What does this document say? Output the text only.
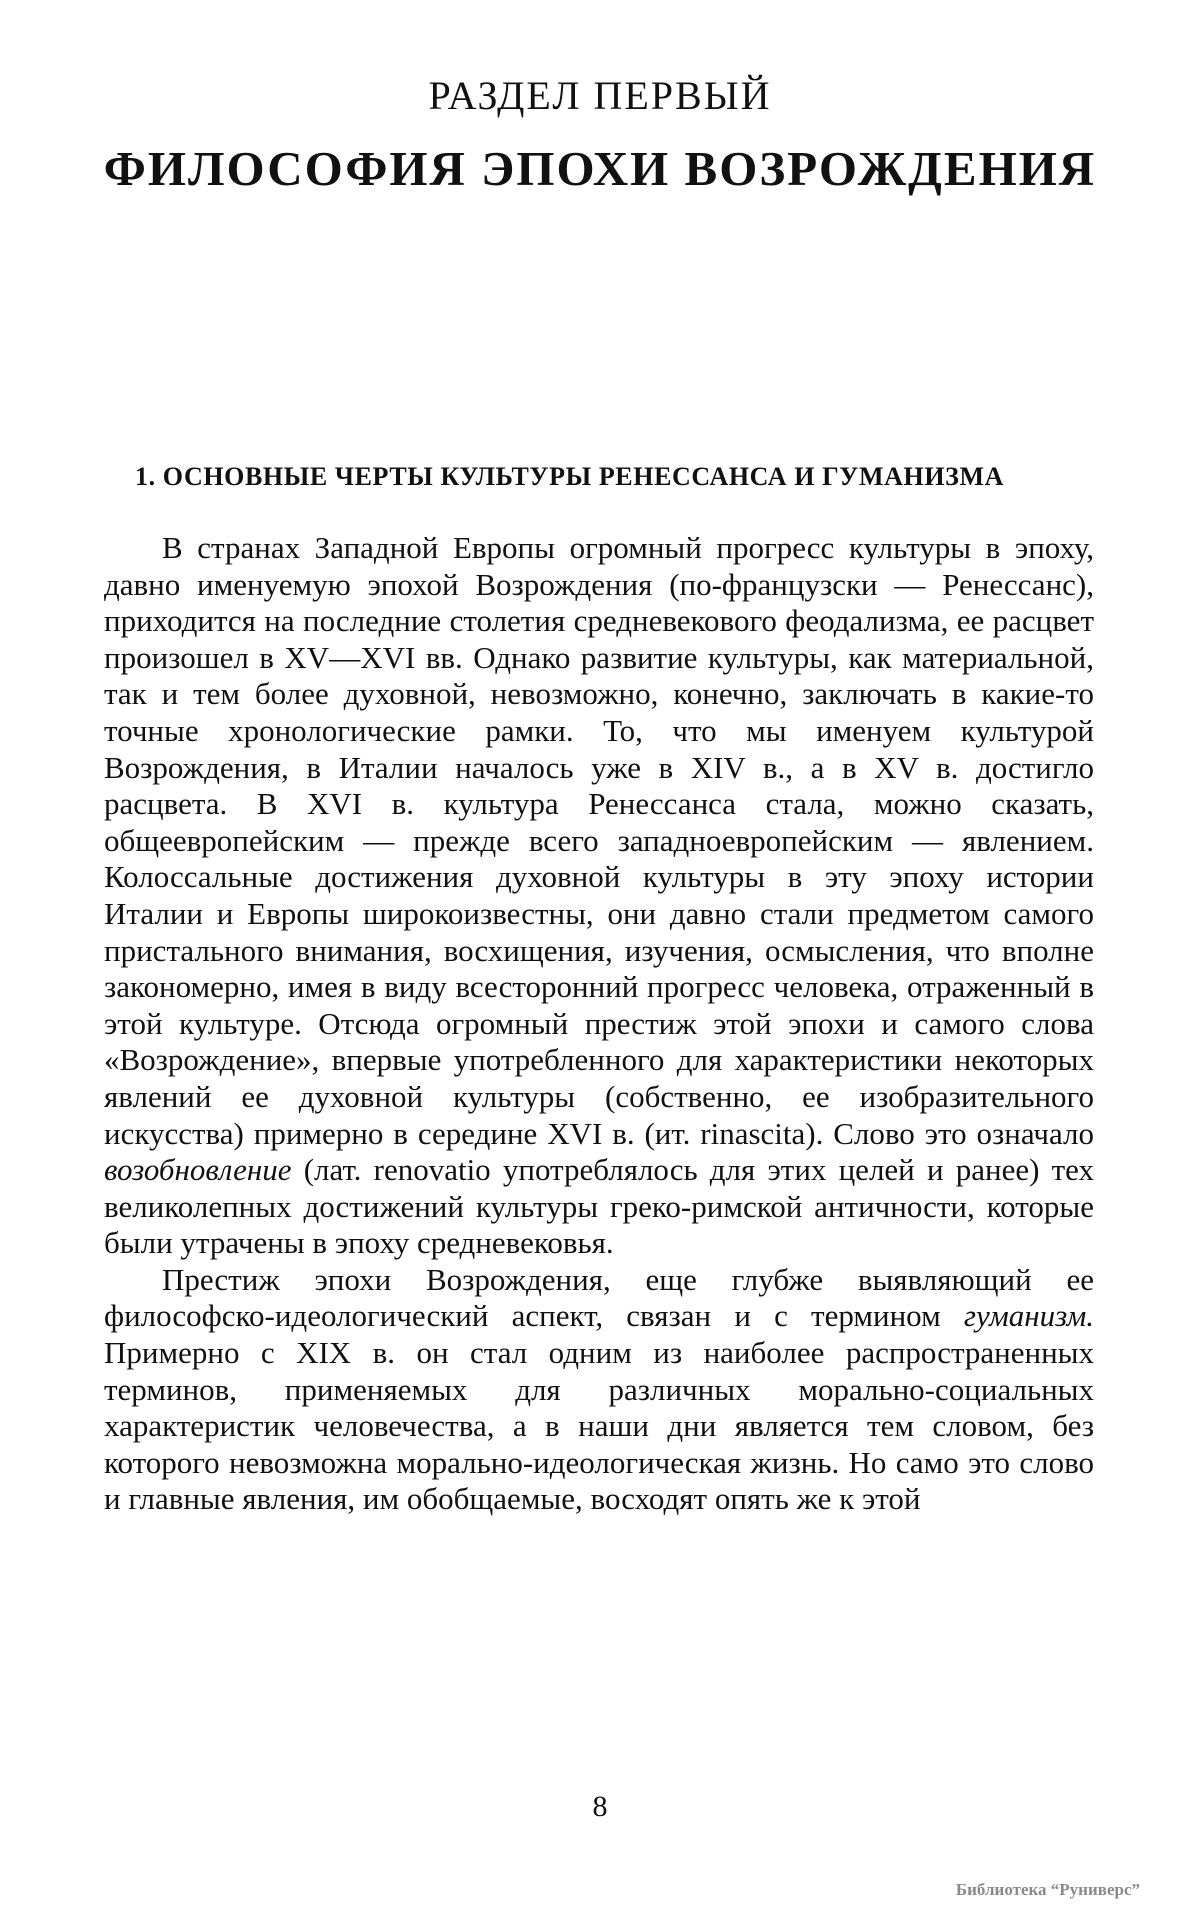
РАЗДЕЛ ПЕРВЫЙ
ФИЛОСОФИЯ ЭПОХИ ВОЗРОЖДЕНИЯ
1. ОСНОВНЫЕ ЧЕРТЫ КУЛЬТУРЫ РЕНЕССАНСА И ГУМАНИЗМА

В странах Западной Европы огромный прогресс культуры в эпоху, давно именуемую эпохой Возрождения (по-французски — Ренессанс), приходится на последние столетия средневекового феодализма, ее расцвет произошел в XV—XVI вв. Однако развитие культуры, как материальной, так и тем более духовной, невозможно, конечно, заключать в какие-то точные хронологические рамки. То, что мы именуем культурой Возрождения, в Италии началось уже в XIV в., а в XV в. достигло расцвета. В XVI в. культура Ренессанса стала, можно сказать, общеевропейским — прежде всего западноевропейским — явлением. Колоссальные достижения духовной культуры в эту эпоху истории Италии и Европы широкоизвестны, они давно стали предметом самого пристального внимания, восхищения, изучения, осмысления, что вполне закономерно, имея в виду всесторонний прогресс человека, отраженный в этой культуре. Отсюда огромный престиж этой эпохи и самого слова «Возрождение», впервые употребленного для характеристики некоторых явлений ее духовной культуры (собственно, ее изобразительного искусства) примерно в середине XVI в. (ит. rinascita). Слово это означало возобновление (лат. renovatio употреблялось для этих целей и ранее) тех великолепных достижений культуры греко-римской античности, которые были утрачены в эпоху средневековья.

Престиж эпохи Возрождения, еще глубже выявляющий ее философско-идеологический аспект, связан и с термином гуманизм. Примерно с XIX в. он стал одним из наиболее распространенных терминов, применяемых для различных морально-социальных характеристик человечества, а в наши дни является тем словом, без которого невозможна морально-идеологическая жизнь. Но само это слово и главные явления, им обобщаемые, восходят опять же к этой

8
Библиотека “Руниверс”
